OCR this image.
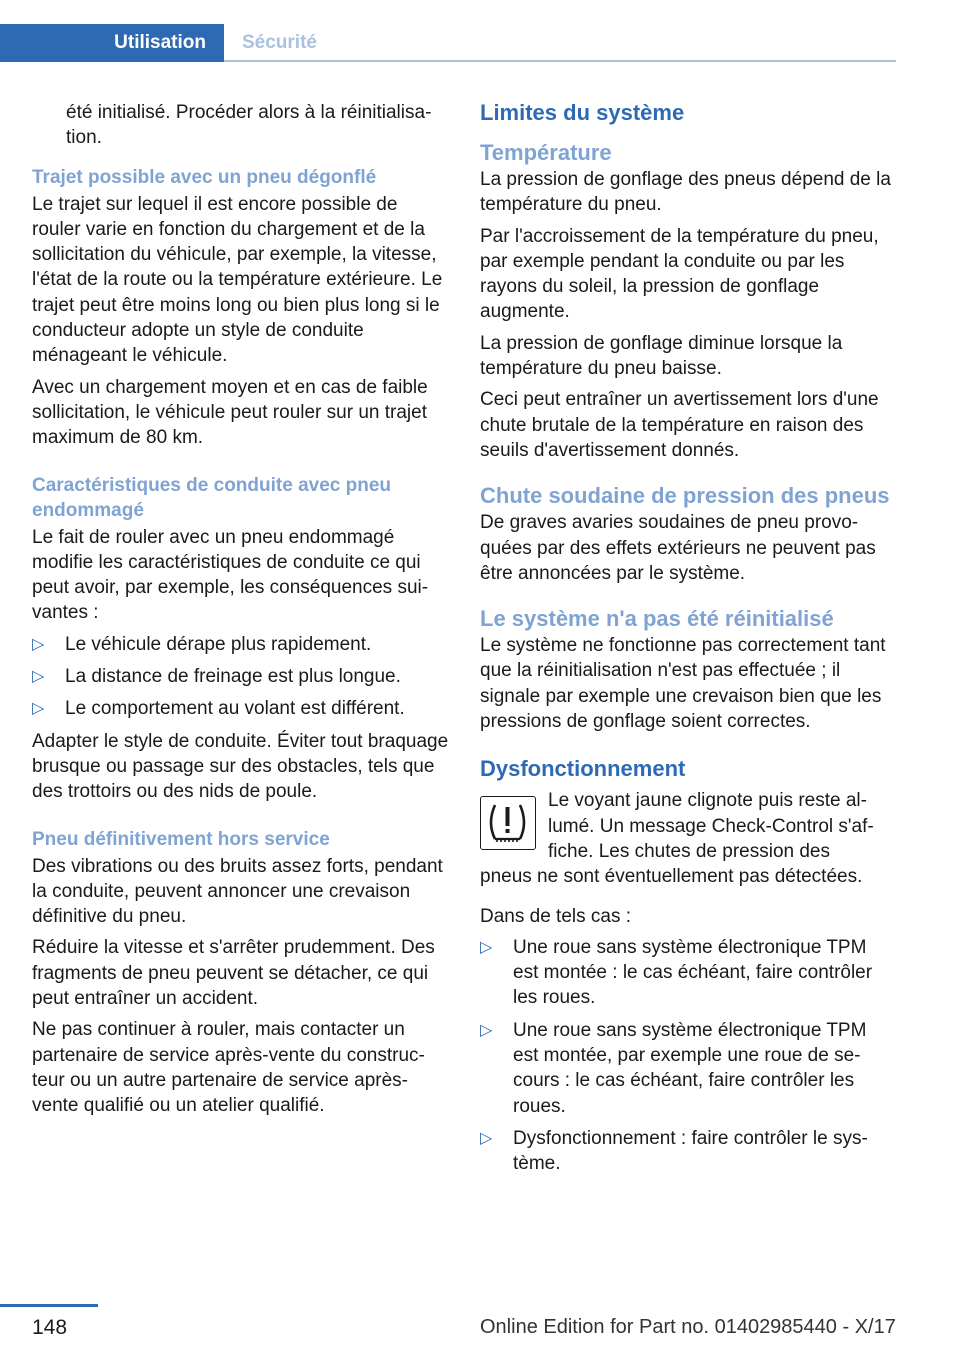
Utilisation Sécurité

été initialisé. Procéder alors à la réinitialisation.

Trajet possible avec un pneu dégonflé

Le trajet sur lequel il est encore possible de rouler varie en fonction du chargement et de la sollicitation du véhicule, par exemple, la vitesse, l'état de la route ou la température extérieure. Le trajet peut être moins long ou bien plus long si le conducteur adopte un style de conduite ménageant le véhicule.

Avec un chargement moyen et en cas de faible sollicitation, le véhicule peut rouler sur un trajet maximum de 80 km.

Caractéristiques de conduite avec pneu endommagé

Le fait de rouler avec un pneu endommagé modifie les caractéristiques de conduite ce qui peut avoir, par exemple, les conséquences suivantes :

▷ Le véhicule dérape plus rapidement.
▷ La distance de freinage est plus longue.
▷ Le comportement au volant est différent.

Adapter le style de conduite. Éviter tout braquage brusque ou passage sur des obstacles, tels que des trottoirs ou des nids de poule.

Pneu définitivement hors service

Des vibrations ou des bruits assez forts, pendant la conduite, peuvent annoncer une crevaison définitive du pneu.

Réduire la vitesse et s'arrêter prudemment. Des fragments de pneu peuvent se détacher, ce qui peut entraîner un accident.

Ne pas continuer à rouler, mais contacter un partenaire de service après-vente du constructeur ou un autre partenaire de service après-vente qualifié ou un atelier qualifié.

Limites du système
Température

La pression de gonflage des pneus dépend de la température du pneu.

Par l'accroissement de la température du pneu, par exemple pendant la conduite ou par les rayons du soleil, la pression de gonflage augmente.

La pression de gonflage diminue lorsque la température du pneu baisse.

Ceci peut entraîner un avertissement lors d'une chute brutale de la température en raison des seuils d'avertissement donnés.

Chute soudaine de pression des pneus

De graves avaries soudaines de pneu provoquées par des effets extérieurs ne peuvent pas être annoncées par le système.

Le système n'a pas été réinitialisé

Le système ne fonctionne pas correctement tant que la réinitialisation n'est pas effectuée ; il signale par exemple une crevaison bien que les pressions de gonflage soient correctes.

Dysfonctionnement

Le voyant jaune clignote puis reste allumé. Un message Check-Control s'affiche. Les chutes de pression des

pneus ne sont éventuellement pas détectées.

Dans de tels cas :

▷ Une roue sans système électronique TPM est montée : le cas échéant, faire contrôler les roues.
▷ Une roue sans système électronique TPM est montée, par exemple une roue de secours : le cas échéant, faire contrôler les roues.
▷ Dysfonctionnement : faire contrôler le système.
148	Online Edition for Part no. 01402985440 - X/17
